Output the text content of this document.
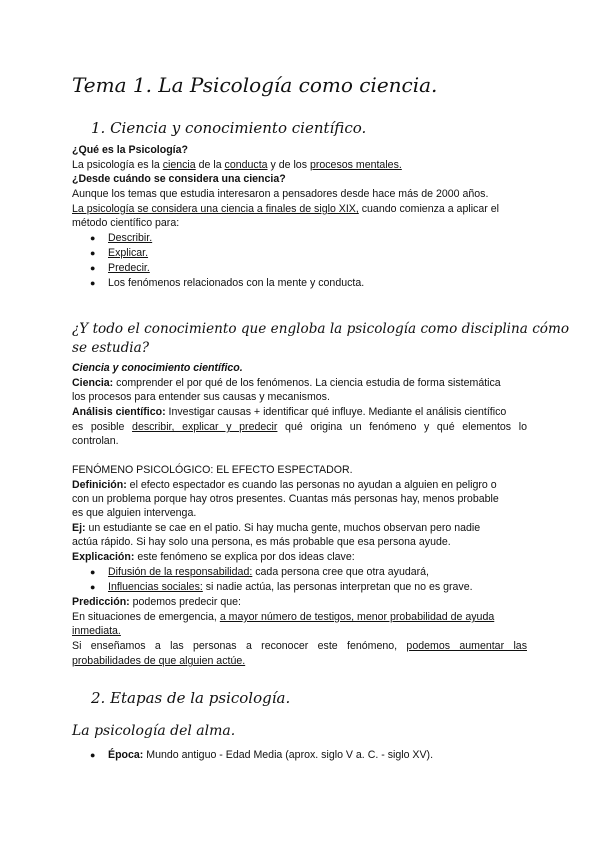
Tema 1. La Psicología como ciencia.
1. Ciencia y conocimiento científico.
¿Qué es la Psicología?
La psicología es la ciencia de la conducta y de los procesos mentales.
¿Desde cuándo se considera una ciencia?
Aunque los temas que estudia interesaron a pensadores desde hace más de 2000 años.
La psicología se considera una ciencia a finales de siglo XIX, cuando comienza a aplicar el
método científico para:
● Describir.
● Explicar.
● Predecir.
● Los fenómenos relacionados con la mente y conducta.
¿Y todo el conocimiento que engloba la psicología como disciplina cómo
se estudia?
Ciencia y conocimiento científico.
Ciencia: comprender el por qué de los fenómenos. La ciencia estudia de forma sistemática
los procesos para entender sus causas y mecanismos.
Análisis científico: Investigar causas + identificar qué influye. Mediante el análisis científico
es posible describir, explicar y predecir qué origina un fenómeno y qué elementos lo
controlan.
FENÓMENO PSICOLÓGICO: EL EFECTO ESPECTADOR.
Definición: el efecto espectador es cuando las personas no ayudan a alguien en peligro o
con un problema porque hay otros presentes. Cuantas más personas hay, menos probable
es que alguien intervenga.
Ej: un estudiante se cae en el patio. Si hay mucha gente, muchos observan pero nadie
actúa rápido. Si hay solo una persona, es más probable que esa persona ayude.
Explicación: este fenómeno se explica por dos ideas clave:
● Difusión de la responsabilidad: cada persona cree que otra ayudará,
● Influencias sociales: si nadie actúa, las personas interpretan que no es grave.
Predicción: podemos predecir que:
En situaciones de emergencia, a mayor número de testigos, menor probabilidad de ayuda
inmediata.
Si enseñamos a las personas a reconocer este fenómeno, podemos aumentar las
probabilidades de que alguien actúe.
2. Etapas de la psicología.
La psicología del alma.
● Época: Mundo antiguo - Edad Media (aprox. siglo V a. C. - siglo XV).
